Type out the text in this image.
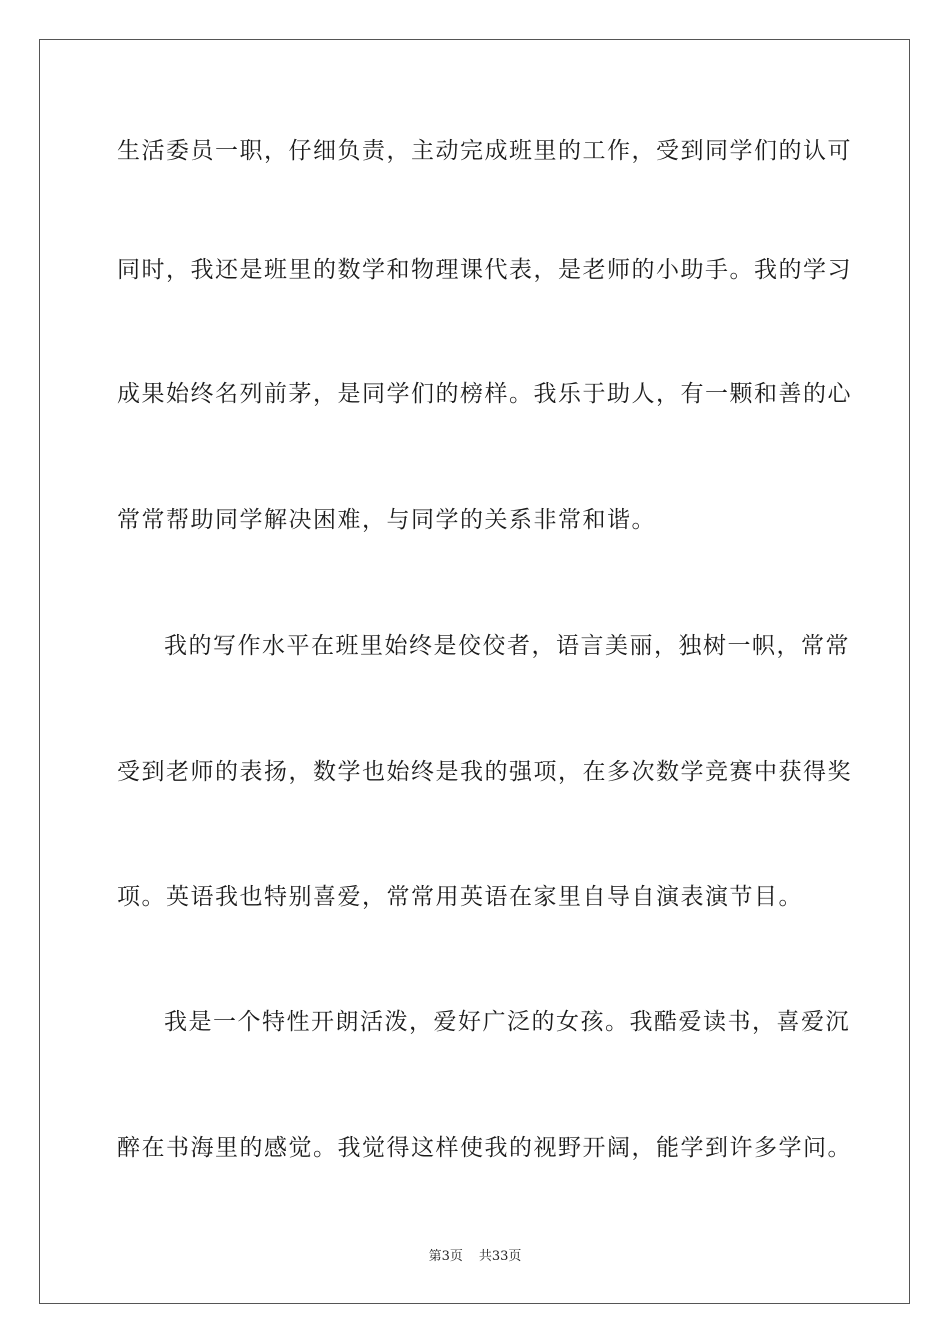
生活委员一职，仔细负责，主动完成班里的工作，受到同学们的认可
同时，我还是班里的数学和物理课代表，是老师的小助手。我的学习
成果始终名列前茅，是同学们的榜样。我乐于助人，有一颗和善的心
常常帮助同学解决困难，与同学的关系非常和谐。
我的写作水平在班里始终是佼佼者，语言美丽，独树一帜，常常
受到老师的表扬，数学也始终是我的强项，在多次数学竞赛中获得奖
项。英语我也特别喜爱，常常用英语在家里自导自演表演节目。
我是一个特性开朗活泼，爱好广泛的女孩。我酷爱读书，喜爱沉
醉在书海里的感觉。我觉得这样使我的视野开阔，能学到许多学问。
第3页 共33页
